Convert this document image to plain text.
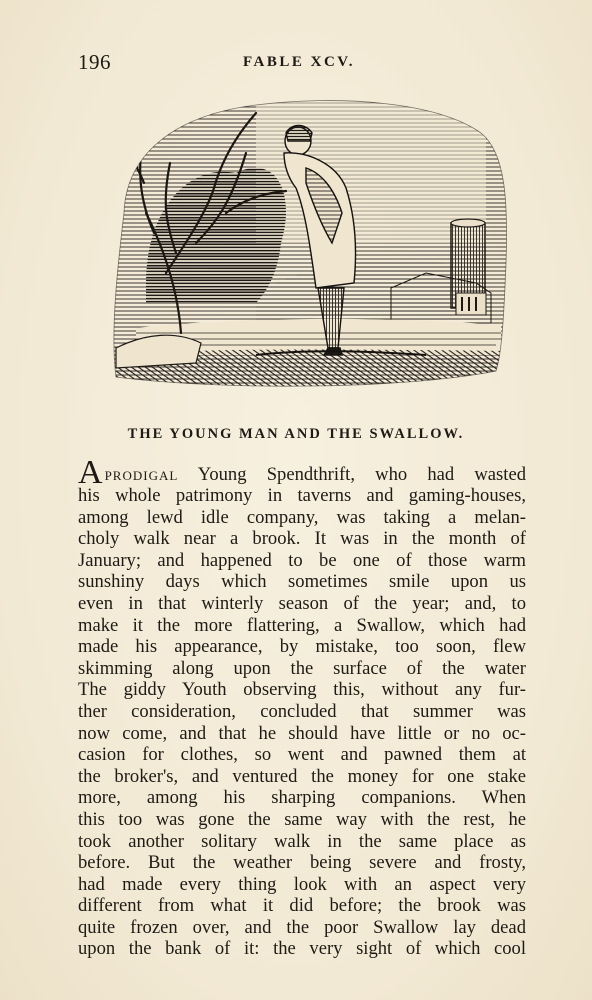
196	FABLE XCV.
THE YOUNG MAN AND THE SWALLOW.
APRODIGAL Young Spendthrift, who had wasted
his whole patrimony in taverns and gaming-houses,
among lewd idle company, was taking a melan-
choly walk near a brook. It was in the month of
January; and happened to be one of those warm
sunshiny days which sometimes smile upon us
even in that winterly season of the year; and, to
make it the more flattering, a Swallow, which had
made his appearance, by mistake, too soon, flew
skimming along upon the surface of the water
The giddy Youth observing this, without any fur-
ther consideration, concluded that summer was
now come, and that he should have little or no oc-
casion for clothes, so went and pawned them at
the broker's, and ventured the money for one stake
more, among his sharping companions. When
this too was gone the same way with the rest, he
took another solitary walk in the same place as
before. But the weather being severe and frosty,
had made every thing look with an aspect very
different from what it did before; the brook was
quite frozen over, and the poor Swallow lay dead
upon the bank of it: the very sight of which cool
